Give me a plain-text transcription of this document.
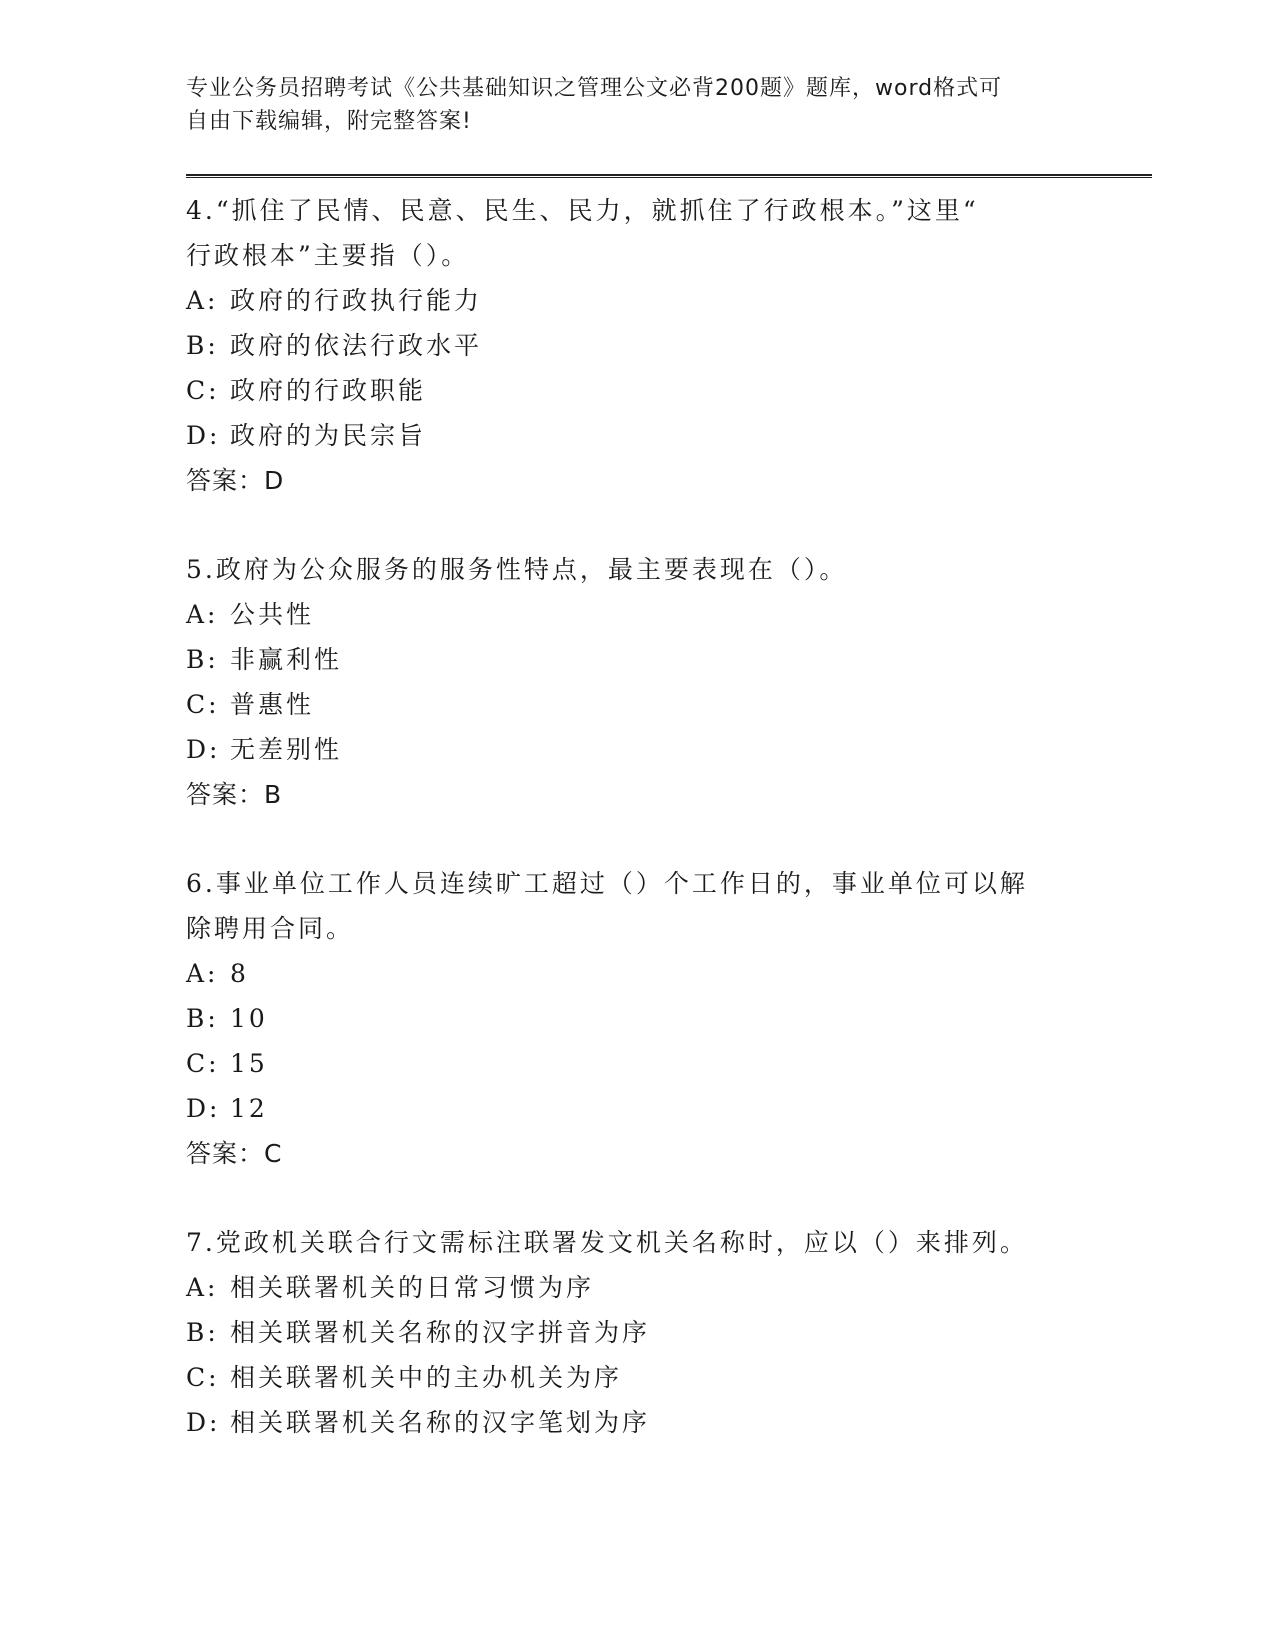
专业公务员招聘考试《公共基础知识之管理公文必背200题》题库，word格式可
自由下载编辑，附完整答案!

4.“抓住了民情、民意、民生、民力，就抓住了行政根本。”这里“
行政根本”主要指（）。

A: 政府的行政执行能力

B: 政府的依法行政水平

C: 政府的行政职能

D: 政府的为民宗旨

答案：D

5.政府为公众服务的服务性特点，最主要表现在（）。

A: 公共性

B: 非赢利性

C: 普惠性

D: 无差别性

答案：B

6.事业单位工作人员连续旷工超过（）个工作日的，事业单位可以解
除聘用合同。

A: 8

B: 10

C: 15

D: 12

答案：C

7.党政机关联合行文需标注联署发文机关名称时，应以（）来排列。

A: 相关联署机关的日常习惯为序

B: 相关联署机关名称的汉字拼音为序

C: 相关联署机关中的主办机关为序

D: 相关联署机关名称的汉字笔划为序
